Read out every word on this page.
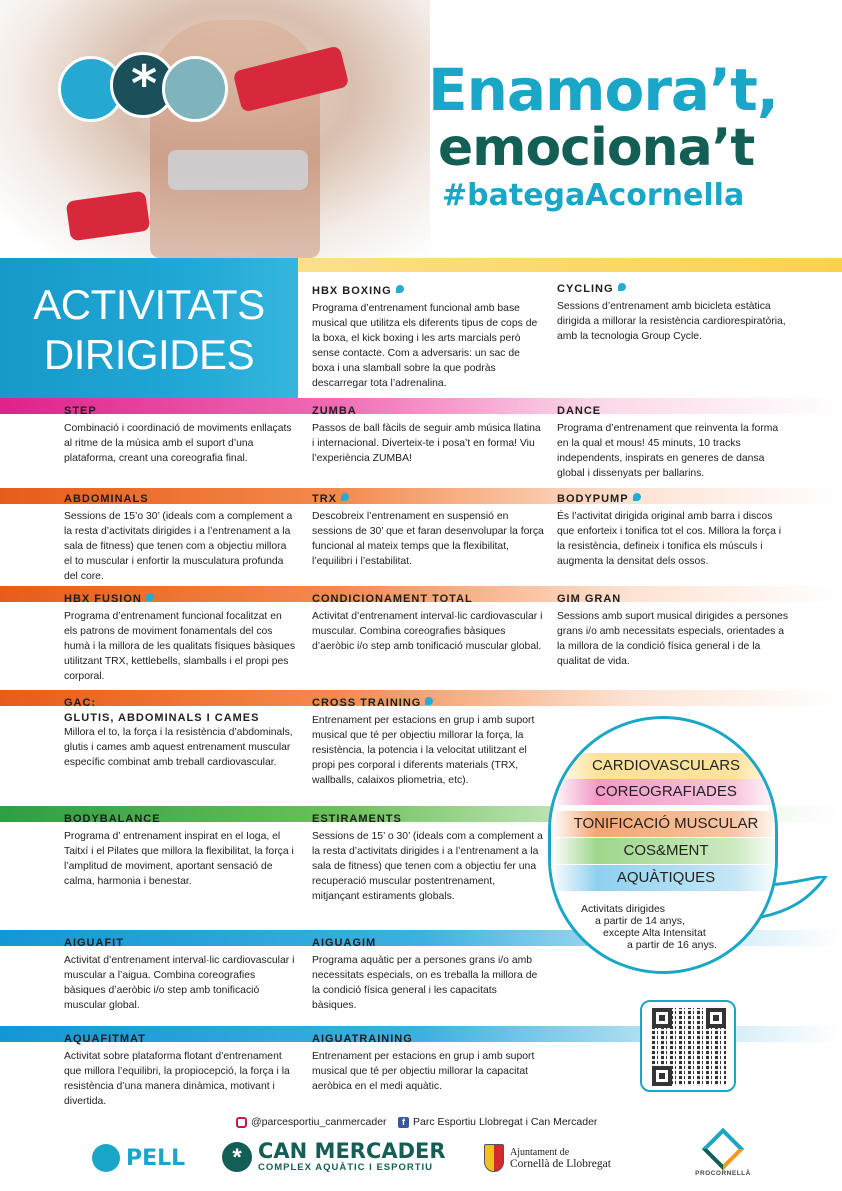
*	Enamora’t,
emociona’t
#bategaAcornella
ACTIVITATS
DIRIGIDES
HBX BOXING

Programa d’entrenament funcional amb base musical que utilitza els diferents tipus de cops de la boxa, el kick boxing i les arts marcials però sense contacte. Com a adversaris: un sac de boxa i una slamball sobre la que podràs descarregar tota l’adrenalina.

CYCLING

Sessions d’entrenament amb bicicleta estàtica dirigida a millorar la resistència cardiorespiratòria, amb la tecnologia Group Cycle.

STEP

Combinació i coordinació de moviments enllaçats al ritme de la música amb el suport d’una plataforma, creant una coreografia final.

ZUMBA

Passos de ball fàcils de seguir amb música llatina i internacional. Diverteix-te i posa’t en forma! Viu l’experiència ZUMBA!

DANCE

Programa d’entrenament que reinventa la forma en la qual et mous! 45 minuts, 10 tracks independents, inspirats en generes de dansa global i dissenyats per ballarins.

ABDOMINALS

Sessions de 15’o 30’ (ideals com a complement a la resta d’activitats dirigides i a l’entrenament a la sala de fitness) que tenen com a objectiu millora el to muscular i enfortir la musculatura profunda del core.

TRX

Descobreix l’entrenament en suspensió en sessions de 30’ que et faran desenvolupar la força funcional al mateix temps que la flexibilitat, l’equilibri i l’estabilitat.

BODYPUMP

És l’activitat dirigida original amb barra i discos que enforteix i tonifica tot el cos. Millora la força i la resistència, defineix i tonifica els músculs i augmenta la densitat dels ossos.

HBX FUSION

Programa d’entrenament funcional focalitzat en els patrons de moviment fonamentals del cos humà i la millora de les qualitats físiques bàsiques utilitzant TRX, kettlebells, slamballs i el propi pes corporal.

CONDICIONAMENT TOTAL

Activitat d’entrenament interval·lic cardiovascular i muscular. Combina coreografies bàsiques d’aeròbic i/o step amb tonificació muscular global.

GIM GRAN

Sessions amb suport musical dirigides a persones grans i/o amb necessitats especials, orientades a la millora de la condició física general i de la qualitat de vida.

GAC:
GLUTIS, ABDOMINALS I CAMES

Millora el to, la força i la resistència d’abdominals, glutis i cames amb aquest entrenament muscular específic combinat amb treball cardiovascular.

CROSS TRAINING

Entrenament per estacions en grup i amb suport musical que té per objectiu millorar la força, la resistència, la potencia i la velocitat utilitzant el propi pes corporal i diferents materials (TRX, wallballs, calaixos pliometria, etc).

BODYBALANCE

Programa d’ entrenament inspirat en el Ioga, el Taitxí i el Pilates que millora la flexibilitat, la força i l’amplitud de moviment, aportant sensació de calma, harmonia i benestar.

ESTIRAMENTS

Sessions de 15’ o 30’ (ideals com a complement a la resta d’activitats dirigides i a l’entrenament a la sala de fitness) que tenen com a objectiu fer una recuperació muscular postentrenament, mitjançant estiraments globals.

AIGUAFIT

Activitat d’entrenament interval·lic cardiovascular i muscular a l’aigua. Combina coreografies bàsiques d’aeròbic i/o step amb tonificació muscular global.

AIGUAGIM

Programa aquàtic per a persones grans i/o amb necessitats especials, on es treballa la millora de la condició física general i les capacitats bàsiques.

AQUAFITMAT

Activitat sobre plataforma flotant d’entrenament que millora l’equilibri, la propiocepció, la força i la resistència d’una manera dinàmica, motivant i divertida.

AIGUATRAINING

Entrenament per estacions en grup i amb suport musical que té per objectiu millorar la capacitat aeròbica en el medi aquàtic.

CARDIOVASCULARS
COREOGRAFIADES
TONIFICACIÓ MUSCULAR
COS&MENT
AQUÀTIQUES
Activitats dirigides
a partir de 14 anys,
excepte Alta Intensitat
a partir de 16 anys.
@parcesportiu_canmercader	f Parc Esportiu Llobregat i Can Mercader
PELL	* CAN MERCADER
COMPLEX AQUÀTIC I ESPORTIU
Ajuntament de
Cornellà de Llobregat
PROCORNELLÀ
